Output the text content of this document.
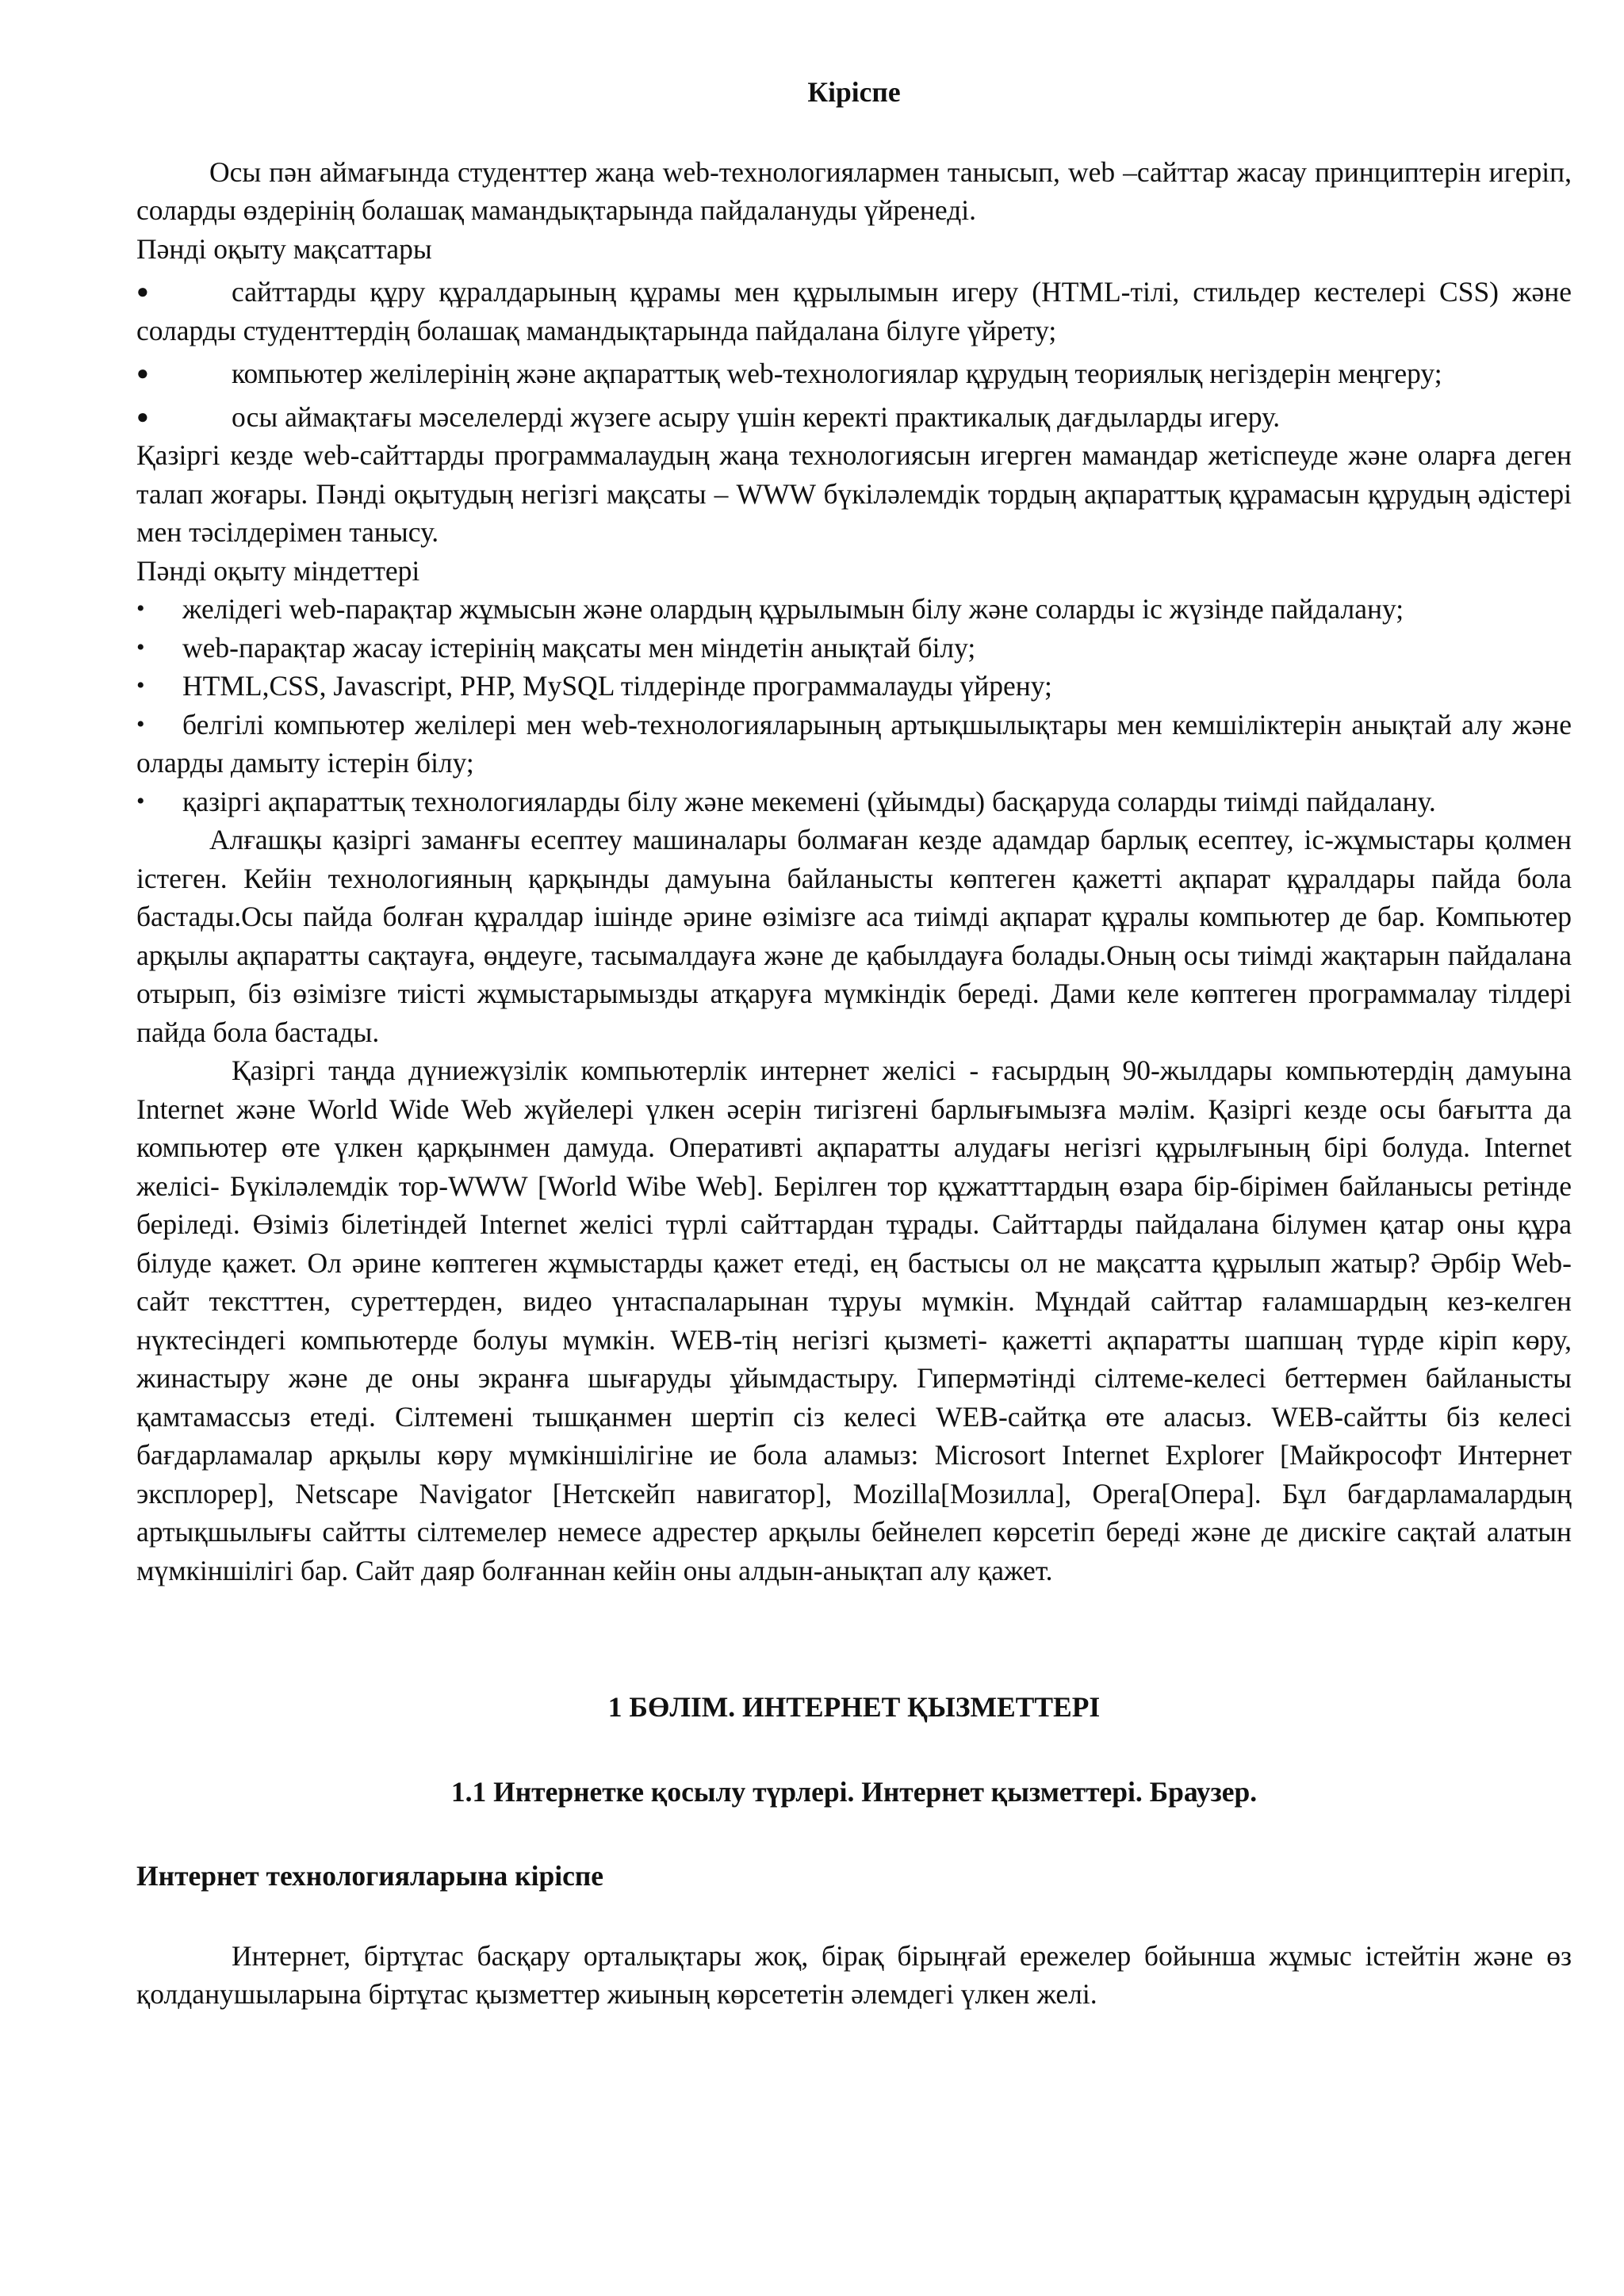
Кіріспе

Осы пән аймағында студенттер жаңа web-технологиялармен танысып, web –сайттар жасау принциптерін игеріп, соларды өздерінің болашақ мамандықтарында пайдалануды үйренеді.

Пәнді оқыту мақсаттары

●	сайттарды құру құралдарының құрамы мен құрылымын игеру (HTML-тілі, стильдер кестелері CSS) және соларды студенттердің болашақ мамандықтарында пайдалана білуге үйрету;
●	компьютер желілерінің және ақпараттық web-технологиялар құрудың теориялық негіздерін меңгеру;
●	осы аймақтағы мәселелерді жүзеге асыру үшін керекті практикалық дағдыларды игеру.

Қазіргі кезде web-сайттарды программалаудың жаңа технологиясын игерген мамандар жетіспеуде және оларға деген талап жоғары. Пәнді оқытудың негізгі мақсаты – WWW бүкіләлемдік тордың ақпараттық құрамасын құрудың әдістері мен тәсілдерімен танысу.

Пәнді оқыту міндеттері

•	желідегі web-парақтар жұмысын және олардың құрылымын білу және соларды іс жүзінде пайдалану;
•	web-парақтар жасау істерінің мақсаты мен міндетін анықтай білу;
•	HTML,CSS, Javascript, PHP, MySQL тілдерінде программалауды үйрену;
•	белгілі компьютер желілері мен web-технологияларының артықшылықтары мен кемшіліктерін анықтай алу және оларды дамыту істерін білу;
•	қазіргі ақпараттық технологияларды білу және мекемені (ұйымды) басқаруда соларды тиімді пайдалану.

Алғашқы қазіргі заманғы есептеу машиналары болмаған кезде адамдар барлық есептеу, іс-жұмыстары қолмен істеген. Кейін технологияның қарқынды дамуына байланысты көптеген қажетті ақпарат құралдары пайда бола бастады.Осы пайда болған құралдар ішінде әрине өзімізге аса тиімді ақпарат құралы компьютер де бар. Компьютер арқылы ақпаратты сақтауға, өңдеуге, тасымалдауға және де қабылдауға болады.Оның осы тиімді жақтарын пайдалана отырып, біз өзімізге тиісті жұмыстарымызды атқаруға мүмкіндік береді. Дами келе көптеген программалау тілдері пайда бола бастады.

Қазіргі таңда дүниежүзілік компьютерлік интернет желісі - ғасырдың 90-жылдары компьютердің дамуына Internet және World Wide Web жүйелері үлкен әсерін тигізгені барлығымызға мәлім. Қазіргі кезде осы бағытта да компьютер өте үлкен қарқынмен дамуда. Оперативті ақпаратты алудағы негізгі құрылғының бірі болуда. Internet желісі- Бүкіләлемдік тор-WWW [World Wibe Web]. Берілген тор құжатттардың өзара бір-бірімен байланысы ретінде беріледі. Өзіміз білетіндей Internet желісі түрлі сайттардан тұрады. Сайттарды пайдалана білумен қатар оны құра білуде қажет. Ол әрине көптеген жұмыстарды қажет етеді, ең бастысы ол не мақсатта құрылып жатыр? Әрбір Web-сайт текстттен, суреттерден, видео үнтаспаларынан тұруы мүмкін. Мұндай сайттар ғаламшардың кез-келген нүктесіндегі компьютерде болуы мүмкін. WEB-тің негізгі қызметі- қажетті ақпаратты шапшаң түрде кіріп көру, жинастыру және де оны экранға шығаруды ұйымдастыру. Гипермәтінді сілтеме-келесі беттермен байланысты қамтамассыз етеді. Сілтемені тышқанмен шертіп сіз келесі WEB-сайтқа өте аласыз. WEB-сайтты біз келесі бағдарламалар арқылы көру мүмкіншілігіне ие бола аламыз: Microsort Internet Explorer [Майкрософт Интернет эксплорер], Netscape Navigator [Нетскейп навигатор], Mozilla[Мозилла], Opera[Опера]. Бұл бағдарламалардың артықшылығы сайтты сілтемелер немесе адрестер арқылы бейнелеп көрсетіп береді және де дискіге сақтай алатын мүмкіншілігі бар. Сайт даяр болғаннан кейін оны алдын-анықтап алу қажет.

1 БӨЛІМ. ИНТЕРНЕТ ҚЫЗМЕТТЕРІ

1.1 Интернетке қосылу түрлері. Интернет қызметтері. Браузер.

Интернет технологияларына кіріспе

Интернет, біртұтас басқару орталықтары жоқ, бірақ бірыңғай ережелер бойынша жұмыс істейтін және өз қолданушыларына біртұтас қызметтер жиының көрсететін әлемдегі үлкен желі.
